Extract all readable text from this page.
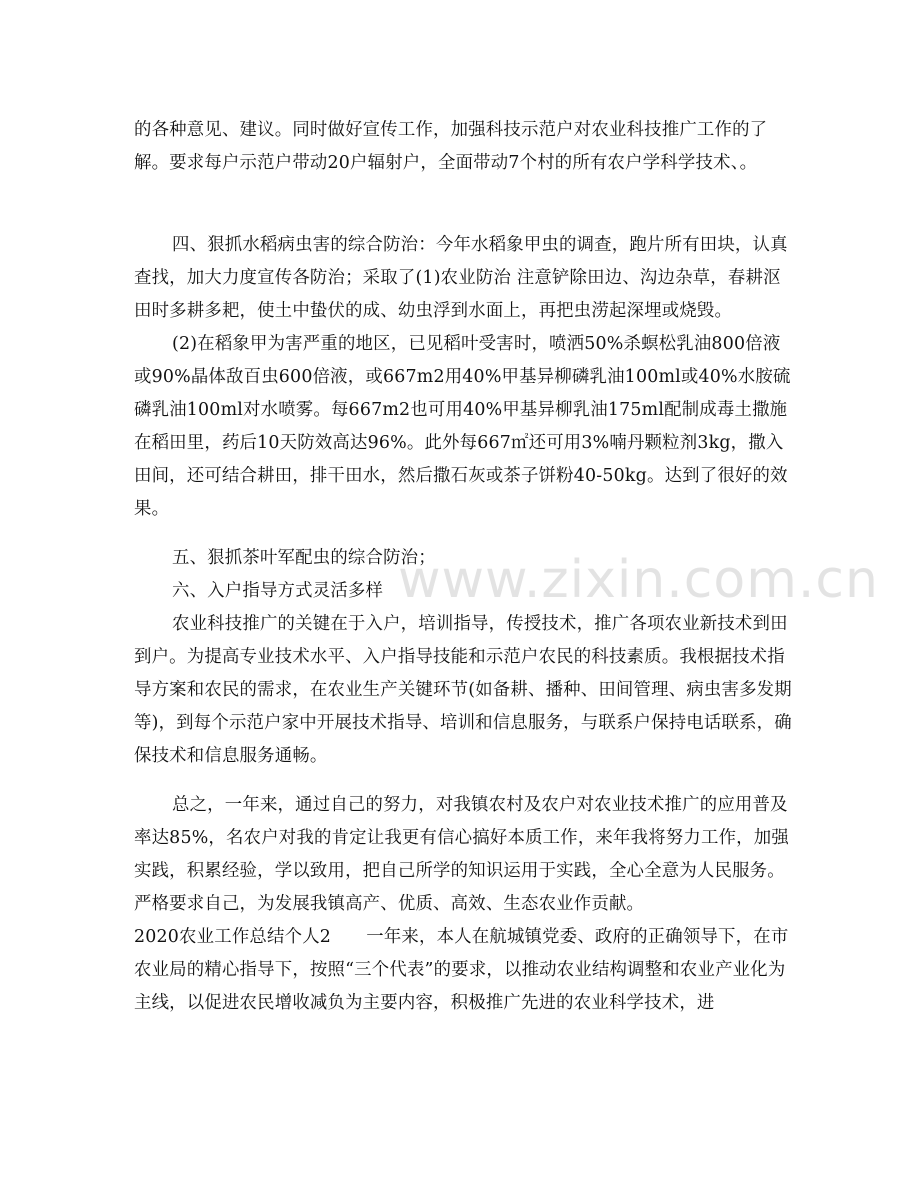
www.zixin.com.cn

的各种意见、建议。同时做好宣传工作，加强科技示范户对农业科技推广工作的了解。要求每户示范户带动20户辐射户，全面带动7个村的所有农户学科学技术、。

四、狠抓水稻病虫害的综合防治：今年水稻象甲虫的调查，跑片所有田块，认真查找，加大力度宣传各防治；采取了(1)农业防治 注意铲除田边、沟边杂草，春耕沤田时多耕多耙，使土中蛰伏的成、幼虫浮到水面上，再把虫涝起深埋或烧毁。

(2)在稻象甲为害严重的地区，已见稻叶受害时，喷洒50%杀螟松乳油800倍液或90%晶体敌百虫600倍液，或667m2用40%甲基异柳磷乳油100ml或40%水胺硫磷乳油100ml对水喷雾。每667m2也可用40%甲基异柳乳油175ml配制成毒土撒施在稻田里，药后10天防效高达96%。此外每667㎡还可用3%喃丹颗粒剂3kg，撒入田间，还可结合耕田，排干田水，然后撒石灰或茶子饼粉40-50kg。达到了很好的效果。

五、狠抓茶叶军配虫的综合防治；

六、入户指导方式灵活多样

农业科技推广的关键在于入户，培训指导，传授技术，推广各项农业新技术到田到户。为提高专业技术水平、入户指导技能和示范户农民的科技素质。我根据技术指导方案和农民的需求，在农业生产关键环节(如备耕、播种、田间管理、病虫害多发期等)，到每个示范户家中开展技术指导、培训和信息服务，与联系户保持电话联系，确保技术和信息服务通畅。

总之，一年来，通过自己的努力，对我镇农村及农户对农业技术推广的应用普及率达85%，名农户对我的肯定让我更有信心搞好本质工作，来年我将努力工作，加强实践，积累经验，学以致用，把自己所学的知识运用于实践，全心全意为人民服务。严格要求自己，为发展我镇高产、优质、高效、生态农业作贡献。

2020农业工作总结个人2　　一年来，本人在航城镇党委、政府的正确领导下，在市农业局的精心指导下，按照“三个代表”的要求，以推动农业结构调整和农业产业化为主线，以促进农民增收减负为主要内容，积极推广先进的农业科学技术，进
